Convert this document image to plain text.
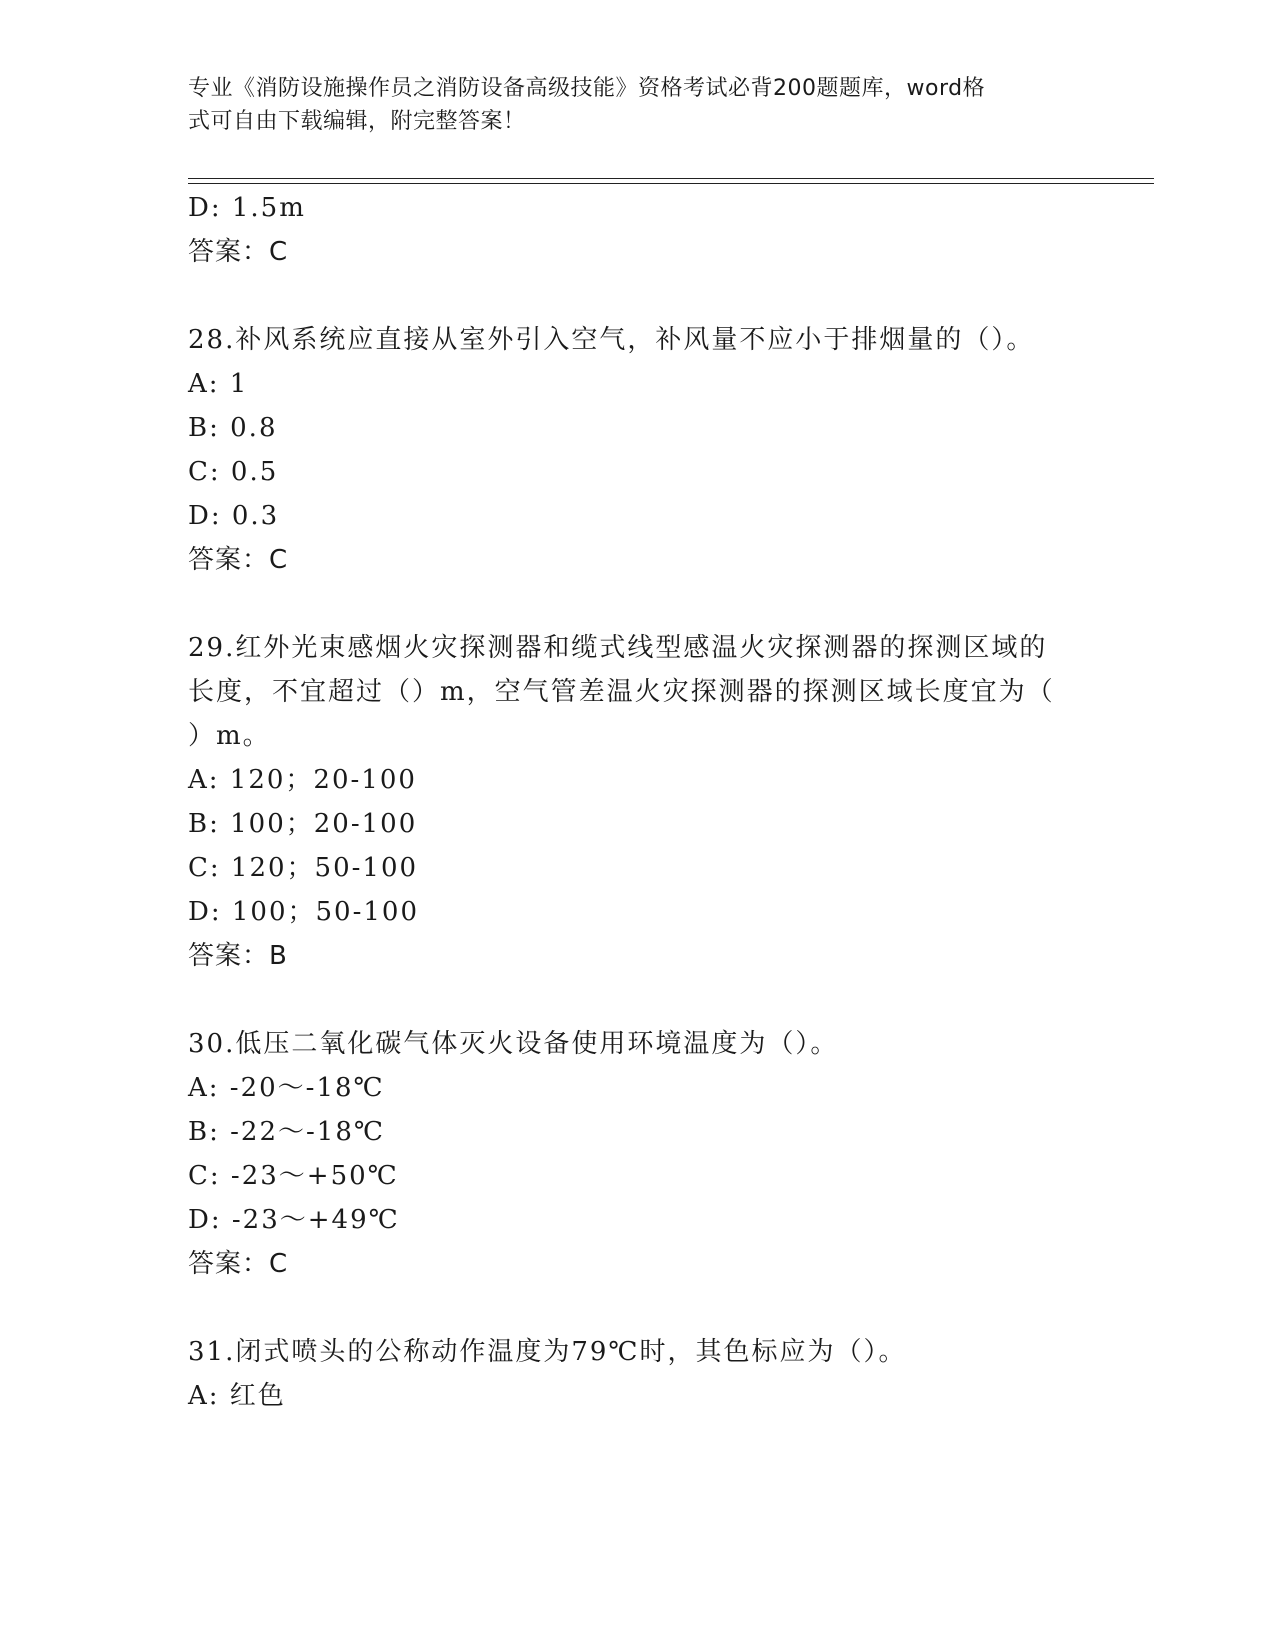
专业《消防设施操作员之消防设备高级技能》资格考试必背200题题库，word格
式可自由下载编辑，附完整答案！
D: 1.5m
答案：C
28.补风系统应直接从室外引入空气，补风量不应小于排烟量的（）。
A: 1
B: 0.8
C: 0.5
D: 0.3
答案：C
29.红外光束感烟火灾探测器和缆式线型感温火灾探测器的探测区域的
长度，不宜超过（）m，空气管差温火灾探测器的探测区域长度宜为（
）m。
A: 120；20-100
B: 100；20-100
C: 120；50-100
D: 100；50-100
答案：B
30.低压二氧化碳气体灭火设备使用环境温度为（）。
A: -20～-18℃
B: -22～-18℃
C: -23～+50℃
D: -23～+49℃
答案：C
31.闭式喷头的公称动作温度为79℃时，其色标应为（）。
A: 红色
